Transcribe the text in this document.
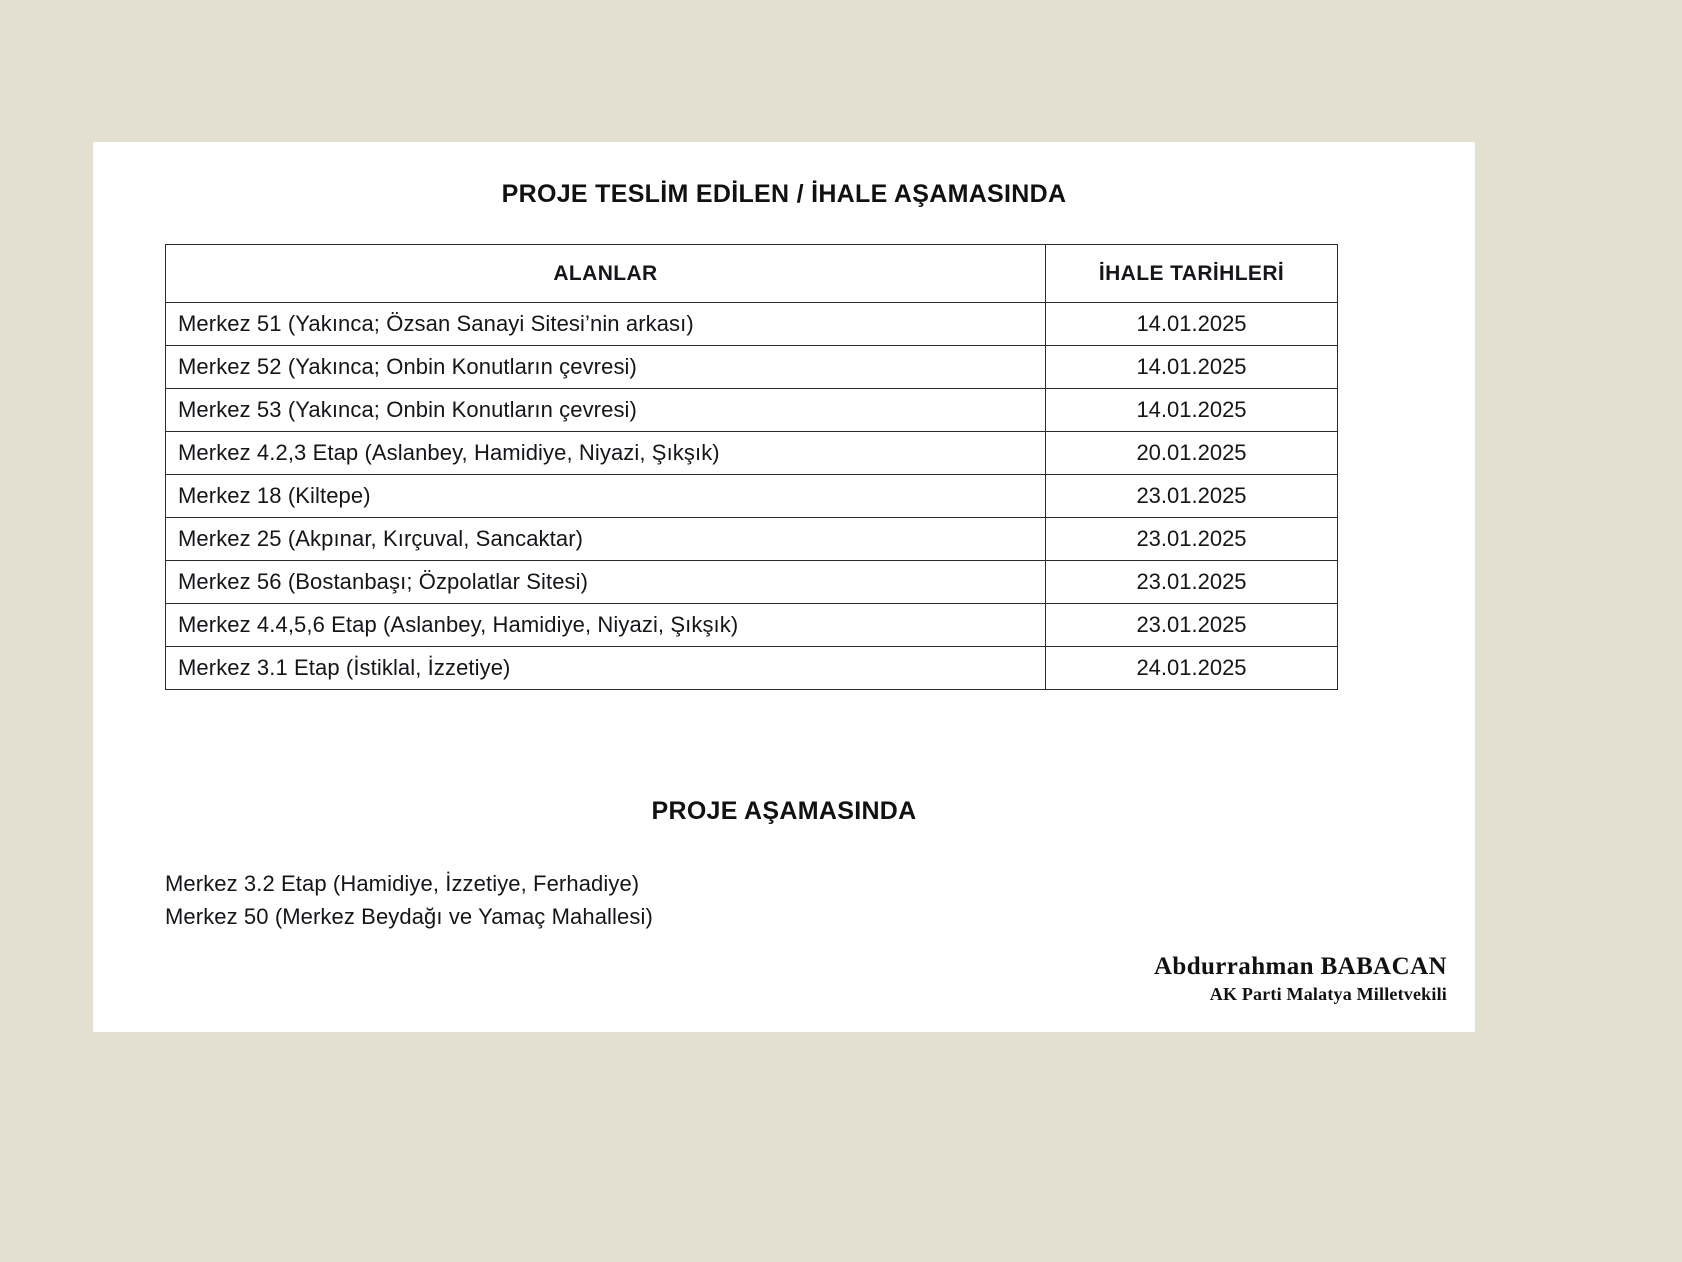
PROJE TESLİM EDİLEN / İHALE AŞAMASINDA
ALANLAR	İHALE TARİHLERİ
Merkez 51 (Yakınca; Özsan Sanayi Sitesi’nin arkası)	14.01.2025
Merkez 52 (Yakınca; Onbin Konutların çevresi)	14.01.2025
Merkez 53 (Yakınca; Onbin Konutların çevresi)	14.01.2025
Merkez 4.2,3 Etap (Aslanbey, Hamidiye, Niyazi, Şıkşık)	20.01.2025
Merkez 18 (Kiltepe)	23.01.2025
Merkez 25 (Akpınar, Kırçuval, Sancaktar)	23.01.2025
Merkez 56 (Bostanbaşı; Özpolatlar Sitesi)	23.01.2025
Merkez 4.4,5,6 Etap (Aslanbey, Hamidiye, Niyazi, Şıkşık)	23.01.2025
Merkez 3.1 Etap (İstiklal, İzzetiye)	24.01.2025
PROJE AŞAMASINDA
Merkez 3.2 Etap (Hamidiye, İzzetiye, Ferhadiye)
Merkez 50 (Merkez Beydağı ve Yamaç Mahallesi)
Abdurrahman BABACAN
AK Parti Malatya Milletvekili
